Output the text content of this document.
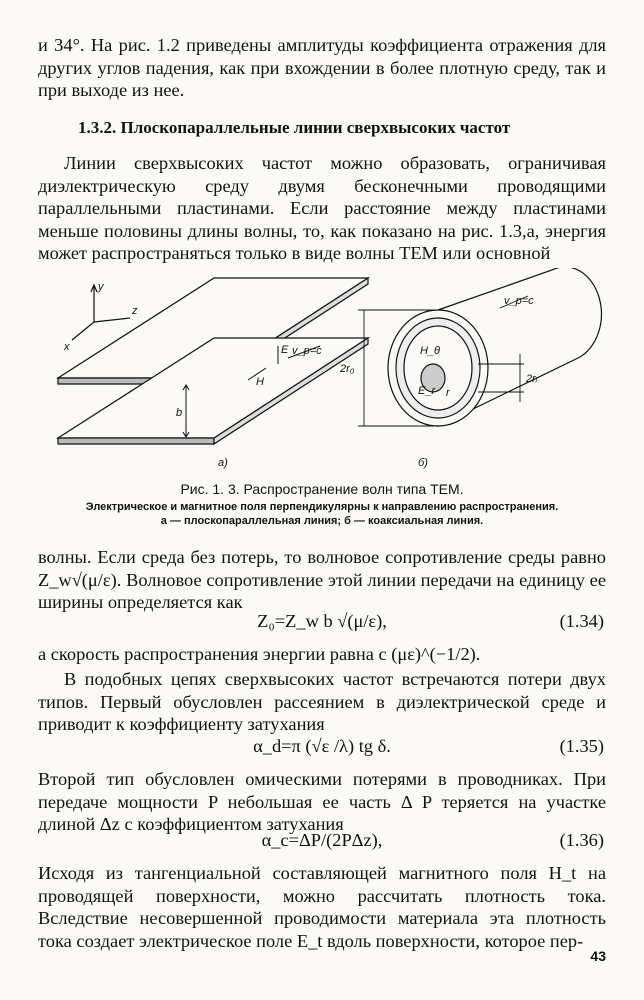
и 34°. На рис. 1.2 приведены амплитуды коэффициента отражения для других углов падения, как при вхождении в более плотную среду, так и при выходе из нее.

1.3.2. Плоскопараллельные линии сверхвысоких частот

Линии сверхвысоких частот можно образовать, ограничивая диэлектрическую среду двумя бесконечными проводящими параллельными пластинами. Если расстояние между пластинами меньше половины длины волны, то, как показано на рис. 1.3,а, энергия может распространяться только в виде волны ТЕМ или основной

y
z
x	E v_p=c
H
b
а)
2r₀
2rᵢ
v_p=c
H_θ
E_r r
б)
Рис. 1. 3. Распространение волн типа ТЕМ.
Электрическое и магнитное поля перпендикулярны к направлению распространения.
а — плоскопараллельная линия; б — коаксиальная линия.

волны. Если среда без потерь, то волновое сопротивление среды равно Z_w√(μ/ε). Волновое сопротивление этой линии передачи на единицу ее ширины определяется как

Z₀=Z_w b √(μ/ε),	(1.34)

а скорость распространения энергии равна c (με)^(−1/2).

В подобных цепях сверхвысоких частот встречаются потери двух типов. Первый обусловлен рассеянием в диэлектрической среде и приводит к коэффициенту затухания

α_d=π (√ε /λ) tg δ.	(1.35)

Второй тип обусловлен омическими потерями в проводниках. При передаче мощности P небольшая ее часть Δ P теряется на участке длиной Δz с коэффициентом затухания

α_c=ΔP/(2PΔz),	(1.36)

Исходя из тангенциальной составляющей магнитного поля H_t на проводящей поверхности, можно рассчитать плотность тока. Вследствие несовершенной проводимости материала эта плотность тока создает электрическое поле E_t вдоль поверхности, которое пер-

43
